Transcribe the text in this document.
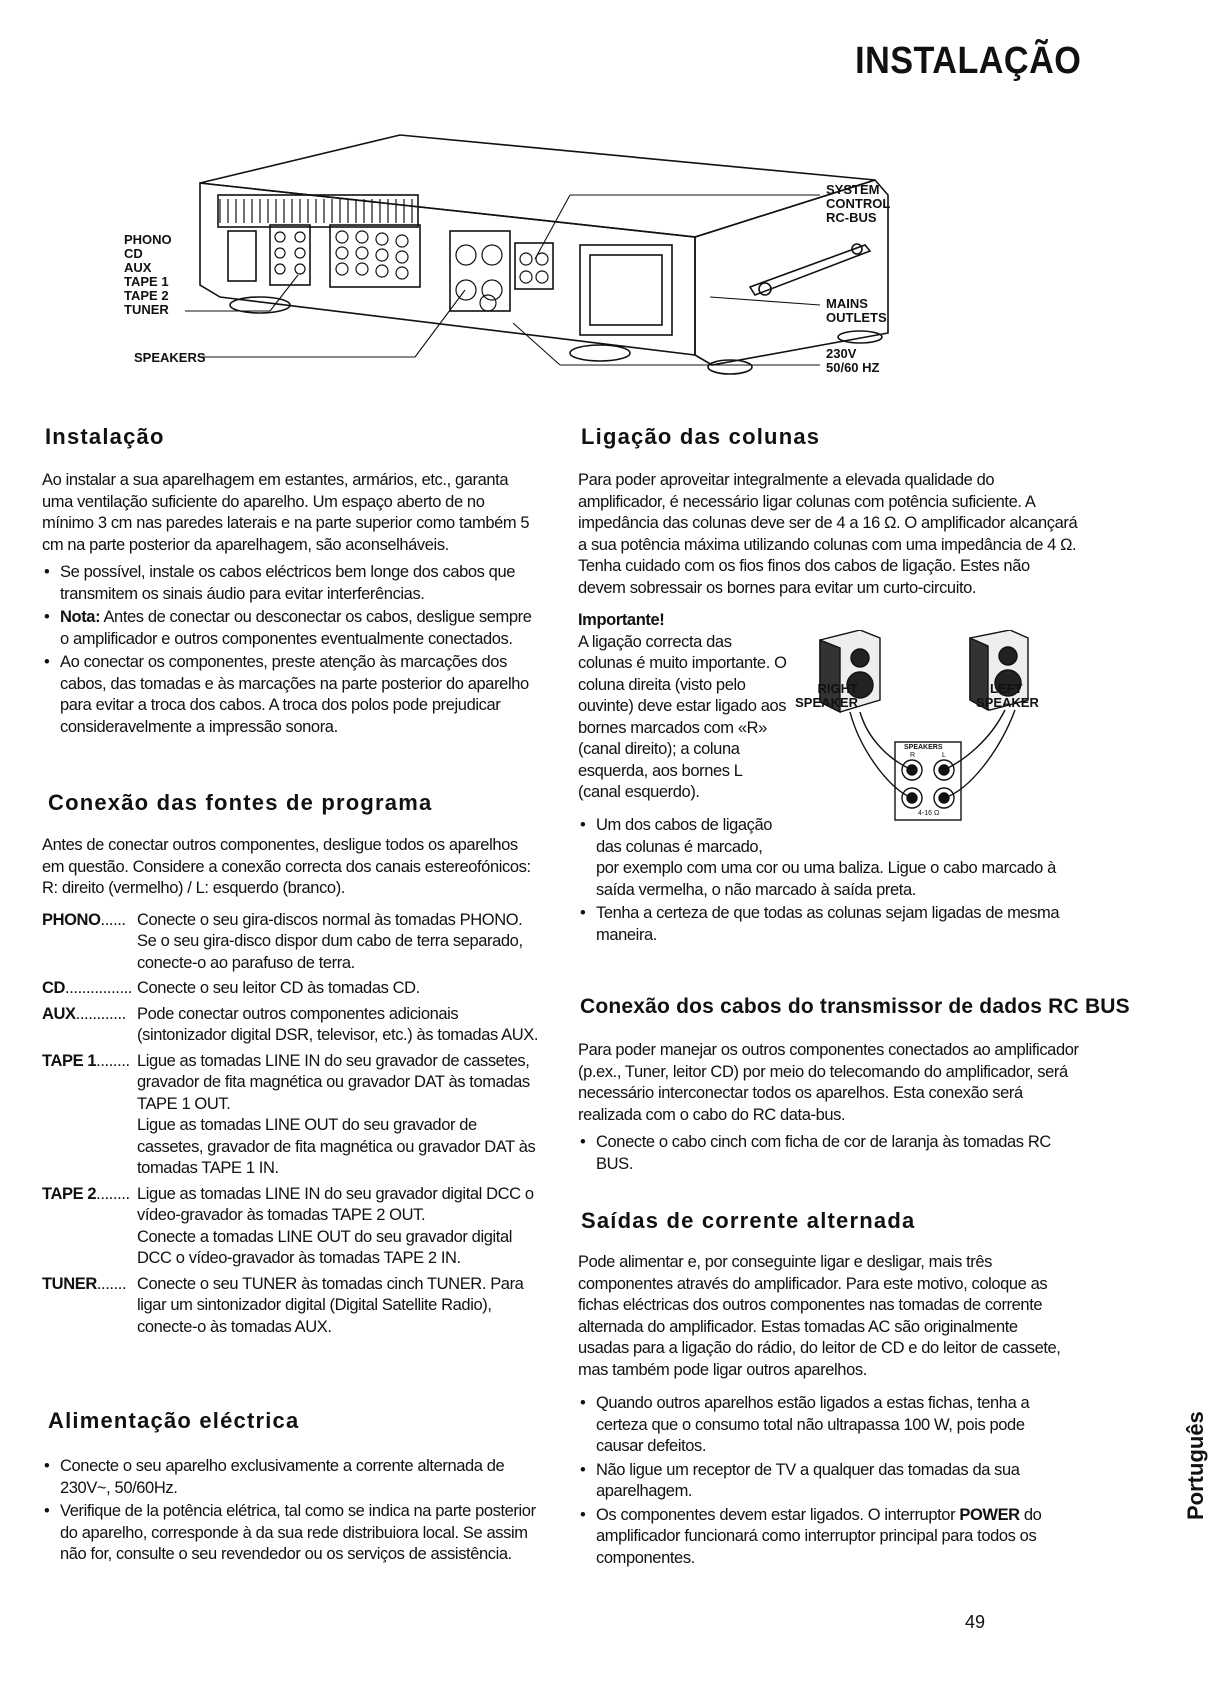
INSTALAÇÃO
PHONO
CD
AUX
TAPE 1
TAPE 2
TUNER
SPEAKERS
SYSTEM
CONTROL
RC-BUS
MAINS
OUTLETS
230V
50/60 HZ
Instalação

Ao instalar a sua aparelhagem em estantes, armários, etc., garanta uma ventilação suficiente do aparelho. Um espaço aberto de no mínimo 3 cm nas paredes laterais e na parte superior como também 5 cm na parte posterior da aparelhagem, são aconselháveis.

• Se possível, instale os cabos eléctricos bem longe dos cabos que transmitem os sinais áudio para evitar interferências.
• Nota: Antes de conectar ou desconectar os cabos, desligue sempre o amplificador e outros componentes eventualmente conectados.
• Ao conectar os componentes, preste atenção às marcações dos cabos, das tomadas e às marcações na parte posterior do aparelho para evitar a troca dos cabos. A troca dos polos pode prejudicar consideravelmente a impressão sonora.
Conexão das fontes de programa

Antes de conectar outros componentes, desligue todos os aparelhos em questão. Considere a conexão correcta dos canais estereofónicos: R: direito (vermelho) / L: esquerdo (branco).

PHONO...... Conecte o seu gira-discos normal às tomadas PHONO. Se o seu gira-disco dispor dum cabo de terra separado, conecte-o ao parafuso de terra.
CD................ Conecte o seu leitor CD às tomadas CD.
AUX............ Pode conectar outros componentes adicionais (sintonizador digital DSR, televisor, etc.) às tomadas AUX.
TAPE 1........ Ligue as tomadas LINE IN do seu gravador de cassetes, gravador de fita magnética ou gravador DAT às tomadas TAPE 1 OUT.
Ligue as tomadas LINE OUT do seu gravador de cassetes, gravador de fita magnética ou gravador DAT às tomadas TAPE 1 IN.
TAPE 2........ Ligue as tomadas LINE IN do seu gravador digital DCC o vídeo-gravador às tomadas TAPE 2 OUT.
Conecte a tomadas LINE OUT do seu gravador digital DCC o vídeo-gravador às tomadas TAPE 2 IN.
TUNER....... Conecte o seu TUNER às tomadas cinch TUNER. Para ligar um sintonizador digital (Digital Satellite Radio), conecte-o às tomadas AUX.
Alimentação eléctrica
• Conecte o seu aparelho exclusivamente a corrente alternada de 230V~, 50/60Hz.
• Verifique de la potência elétrica, tal como se indica na parte posterior do aparelho, corresponde à da sua rede distribuiora local. Se assim não for, consulte o seu revendedor ou os serviços de assistência.
Ligação das colunas
Para poder aproveitar integralmente a elevada qualidade do amplificador, é necessário ligar colunas com potência suficiente. A impedância das colunas deve ser de 4 a 16 Ω. O amplificador alcançará a sua potência máxima utilizando colunas com uma impedância de 4 Ω. Tenha cuidado com os fios finos dos cabos de ligação. Estes não devem sobressair os bornes para evitar um curto-circuito.
Importante!
A ligação correcta das colunas é muito importante. O coluna direita (visto pelo ouvinte) deve estar ligado aos bornes marcados com «R» (canal direito); a coluna esquerda, aos bornes L (canal esquerdo).
RIGHT
SPEAKER
LEFT
SPEAKER
SPEAKERS
R	L
4-16 Ω
• Um dos cabos de ligação das colunas é marcado,
por exemplo com uma cor ou uma baliza. Ligue o cabo marcado à saída vermelha, o não marcado à saída preta.
• Tenha a certeza de que todas as colunas sejam ligadas de mesma maneira.
Conexão dos cabos do transmissor de dados RC BUS

Para poder manejar os outros componentes conectados ao amplificador (p.ex., Tuner, leitor CD) por meio do telecomando do amplificador, será necessário interconectar todos os aparelhos. Esta conexão será realizada com o cabo do RC data-bus.

• Conecte o cabo cinch com ficha de cor de laranja às tomadas RC BUS.
Saídas de corrente alternada

Pode alimentar e, por conseguinte ligar e desligar, mais três componentes através do amplificador. Para este motivo, coloque as fichas eléctricas dos outros componentes nas tomadas de corrente alternada do amplificador. Estas tomadas AC são originalmente usadas para a ligação do rádio, do leitor de CD e do leitor de cassete, mas também pode ligar outros aparelhos.

• Quando outros aparelhos estão ligados a estas fichas, tenha a certeza que o consumo total não ultrapassa 100 W, pois pode causar defeitos.
• Não ligue um receptor de TV a qualquer das tomadas da sua aparelhagem.
• Os componentes devem estar ligados. O interruptor POWER do amplificador funcionará como interruptor principal para todos os componentes.
Português
49
